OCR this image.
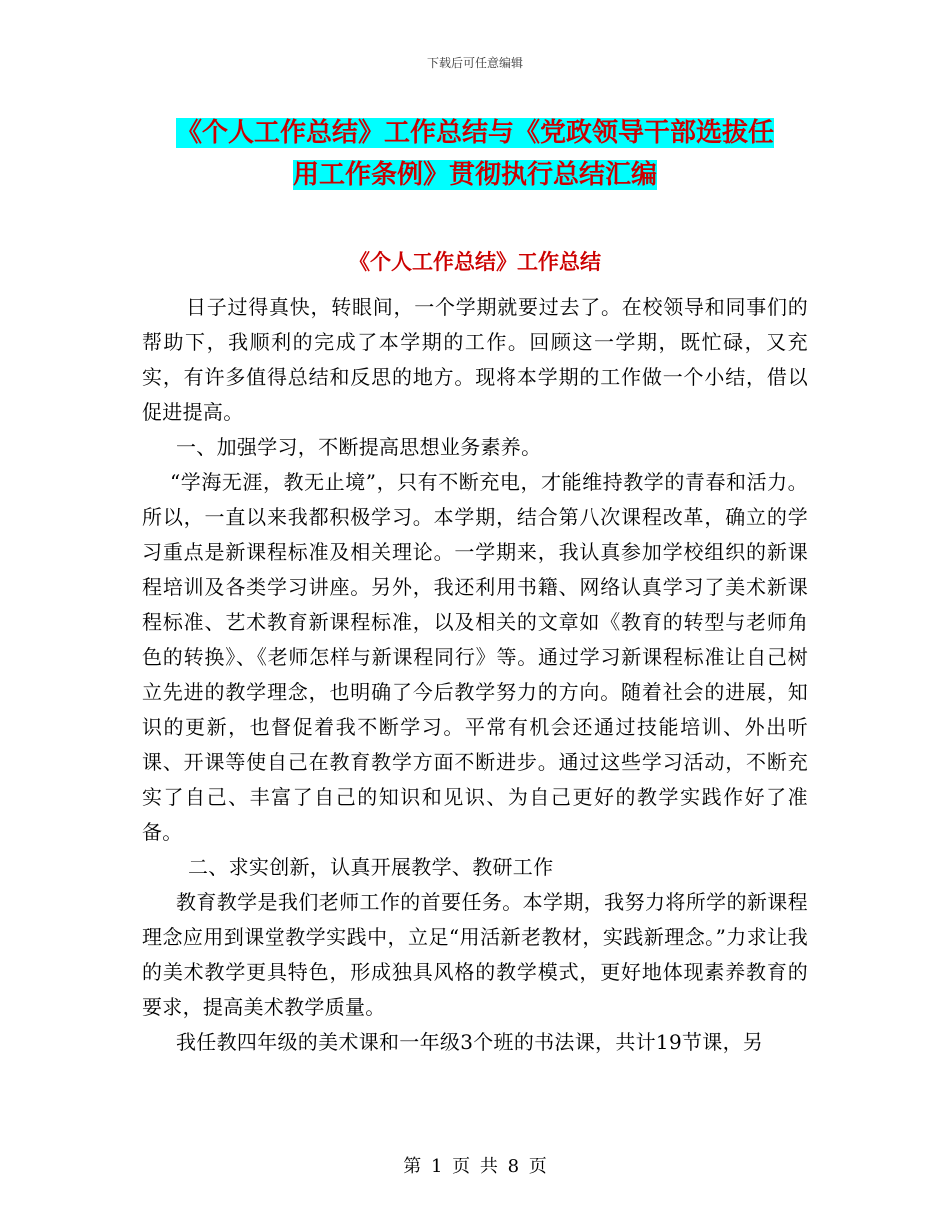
下载后可任意编辑
《个人工作总结》工作总结与《党政领导干部选拔任
用工作条例》贯彻执行总结汇编
《个人工作总结》工作总结

日子过得真快，转眼间，一个学期就要过去了。在校领导和同事们的帮助下，我顺利的完成了本学期的工作。回顾这一学期，既忙碌，又充实，有许多值得总结和反思的地方。现将本学期的工作做一个小结，借以促进提高。

一、加强学习，不断提高思想业务素养。

“学海无涯，教无止境”，只有不断充电，才能维持教学的青春和活力。所以，一直以来我都积极学习。本学期，结合第八次课程改革，确立的学习重点是新课程标准及相关理论。一学期来，我认真参加学校组织的新课程培训及各类学习讲座。另外，我还利用书籍、网络认真学习了美术新课程标准、艺术教育新课程标准，以及相关的文章如《教育的转型与老师角色的转换》、《老师怎样与新课程同行》等。通过学习新课程标准让自己树立先进的教学理念，也明确了今后教学努力的方向。随着社会的进展，知识的更新，也督促着我不断学习。平常有机会还通过技能培训、外出听课、开课等使自己在教育教学方面不断进步。通过这些学习活动，不断充实了自己、丰富了自己的知识和见识、为自己更好的教学实践作好了准备。

二、求实创新，认真开展教学、教研工作

教育教学是我们老师工作的首要任务。本学期，我努力将所学的新课程理念应用到课堂教学实践中，立足“用活新老教材，实践新理念。”力求让我的美术教学更具特色，形成独具风格的教学模式，更好地体现素养教育的要求，提高美术教学质量。

我任教四年级的美术课和一年级3个班的书法课，共计19节课，另

第 1 页 共 8 页
